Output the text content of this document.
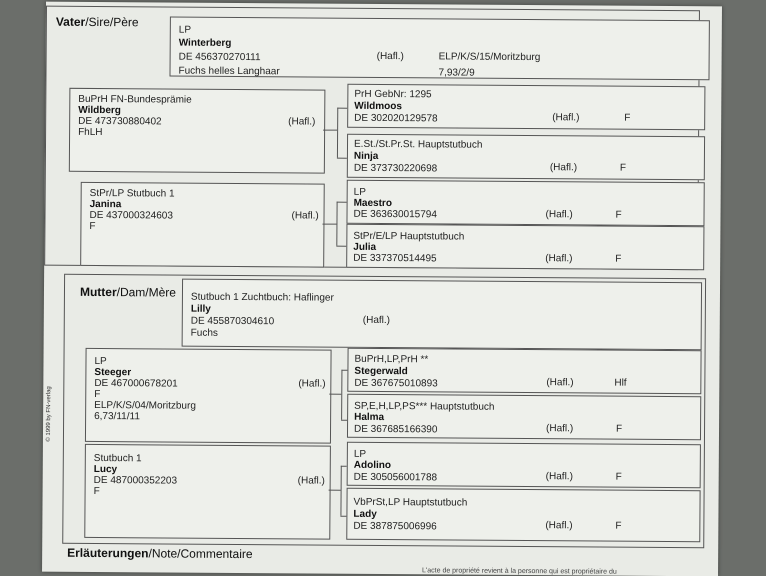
Vater/Sire/Père
LP
Winterberg
DE 456370270111	(Hafl.)	ELP/K/S/15/Moritzburg
Fuchs helles Langhaar	7,93/2/9
BuPrH FN-Bundesprämie
Wildberg
DE 473730880402	(Hafl.)
FhLH
StPr/LP Stutbuch 1
Janina
DE 437000324603	(Hafl.)
F
PrH GebNr: 1295
Wildmoos
DE 302020129578	(Hafl.)	F
E.St./St.Pr.St. Hauptstutbuch
Ninja
DE 373730220698	(Hafl.)	F
LP
Maestro
DE 363630015794	(Hafl.)	F
StPr/E/LP Hauptstutbuch
Julia
DE 337370514495	(Hafl.)	F
Mutter/Dam/Mère Stutbuch 1 Zuchtbuch: Haflinger
Lilly
DE 455870304610	(Hafl.)
Fuchs
LP
Steeger
DE 467000678201	(Hafl.)
F
ELP/K/S/04/Moritzburg
6,73/11/11
Stutbuch 1
Lucy
DE 487000352203	(Hafl.)
F
BuPrH,LP,PrH **
Stegerwald
DE 367675010893	(Hafl.)	Hlf
SP,E,H,LP,PS*** Hauptstutbuch
Halma
DE 367685166390	(Hafl.)	F
LP
Adolino
DE 305056001788	(Hafl.)	F
VbPrSt,LP Hauptstutbuch
Lady
DE 387875006996	(Hafl.)	F
© 1999 by FN-verlag
Erläuterungen/Note/Commentaire
L'acte de propriété revient à la personne qui est propriétaire du
